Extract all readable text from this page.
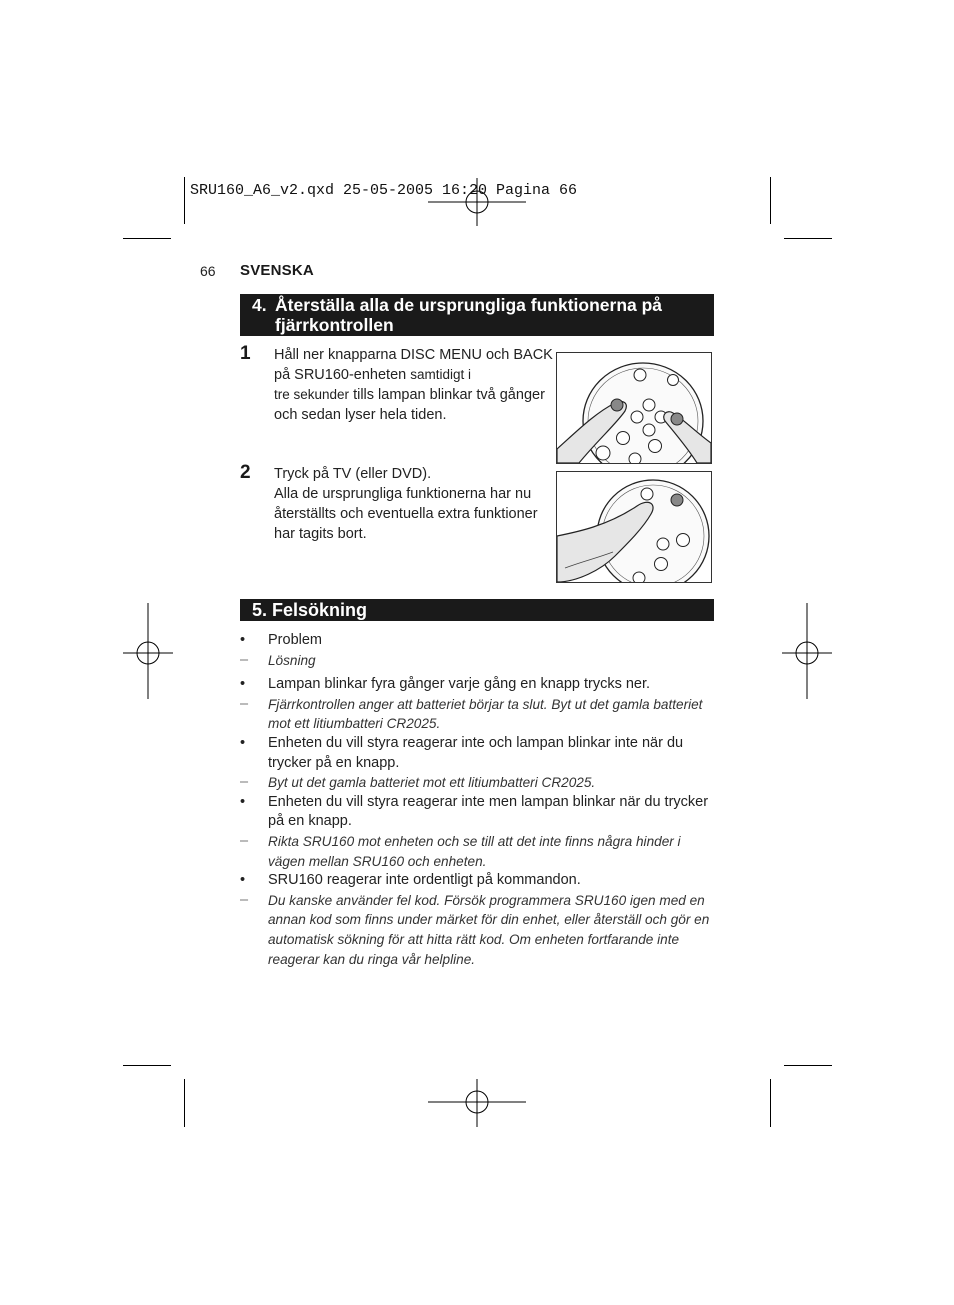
SRU160_A6_v2.qxd 25-05-2005 16:20 Pagina 66
66 SVENSKA
4. Återställa alla de ursprungliga funktionerna på fjärrkontrollen
1 Håll ner knapparna DISC MENU och BACK
på SRU160-enheten samtidigt i
tre sekunder tills lampan blinkar två gånger
och sedan lyser hela tiden.
2 Tryck på TV (eller DVD).
Alla de ursprungliga funktionerna har nu
återställts och eventuella extra funktioner
har tagits bort.
5. Felsökning
•	Problem
–	Lösning
•	Lampan blinkar fyra gånger varje gång en knapp trycks ner.
–	Fjärrkontrollen anger att batteriet börjar ta slut. Byt ut det gamla batteriet mot ett litiumbatteri CR2025.
•	Enheten du vill styra reagerar inte och lampan blinkar inte när du trycker på en knapp.
–	Byt ut det gamla batteriet mot ett litiumbatteri CR2025.
•	Enheten du vill styra reagerar inte men lampan blinkar när du trycker på en knapp.
–	Rikta SRU160 mot enheten och se till att det inte finns några hinder i vägen mellan SRU160 och enheten.
•	SRU160 reagerar inte ordentligt på kommandon.
–	Du kanske använder fel kod. Försök programmera SRU160 igen med en annan kod som finns under märket för din enhet, eller återställ och gör en automatisk sökning för att hitta rätt kod. Om enheten fortfarande inte reagerar kan du ringa vår helpline.
